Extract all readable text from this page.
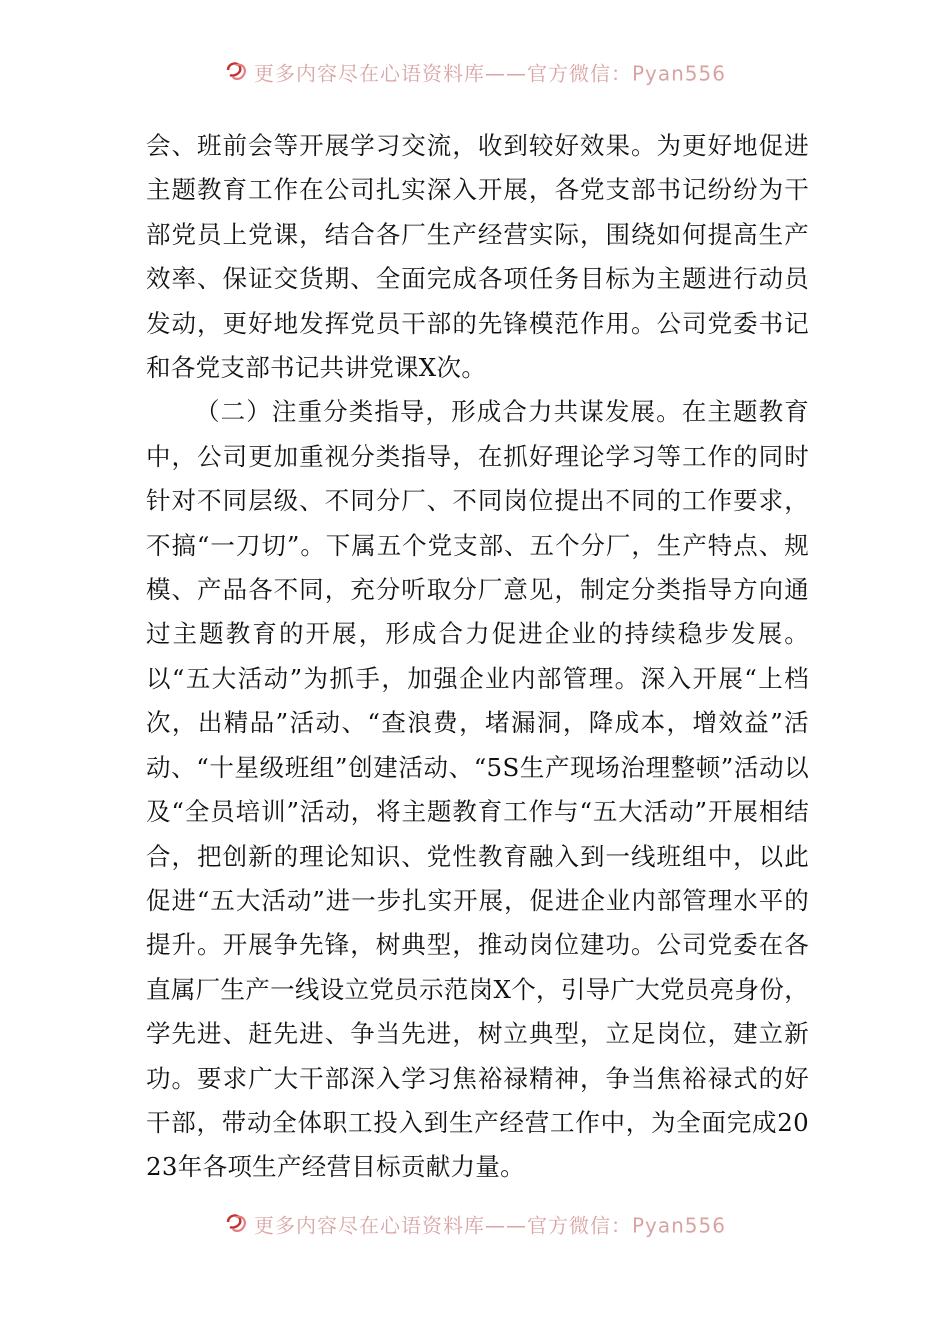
更多内容尽在心语资料库——官方微信：Pyan556

会、班前会等开展学习交流，收到较好效果。为更好地促进主题教育工作在公司扎实深入开展，各党支部书记纷纷为干部党员上党课，结合各厂生产经营实际，围绕如何提高生产效率、保证交货期、全面完成各项任务目标为主题进行动员发动，更好地发挥党员干部的先锋模范作用。公司党委书记和各党支部书记共讲党课X次。

（二）注重分类指导，形成合力共谋发展。在主题教育中，公司更加重视分类指导，在抓好理论学习等工作的同时针对不同层级、不同分厂、不同岗位提出不同的工作要求，不搞“一刀切”。下属五个党支部、五个分厂，生产特点、规模、产品各不同，充分听取分厂意见，制定分类指导方向通过主题教育的开展，形成合力促进企业的持续稳步发展。以“五大活动”为抓手，加强企业内部管理。深入开展“上档次，出精品”活动、“查浪费，堵漏洞，降成本，增效益”活动、“十星级班组”创建活动、“5S生产现场治理整顿”活动以及“全员培训”活动，将主题教育工作与“五大活动”开展相结合，把创新的理论知识、党性教育融入到一线班组中，以此促进“五大活动”进一步扎实开展，促进企业内部管理水平的提升。开展争先锋，树典型，推动岗位建功。公司党委在各直属厂生产一线设立党员示范岗X个，引导广大党员亮身份，学先进、赶先进、争当先进，树立典型，立足岗位，建立新功。要求广大干部深入学习焦裕禄精神，争当焦裕禄式的好干部，带动全体职工投入到生产经营工作中，为全面完成2023年各项生产经营目标贡献力量。

更多内容尽在心语资料库——官方微信：Pyan556
